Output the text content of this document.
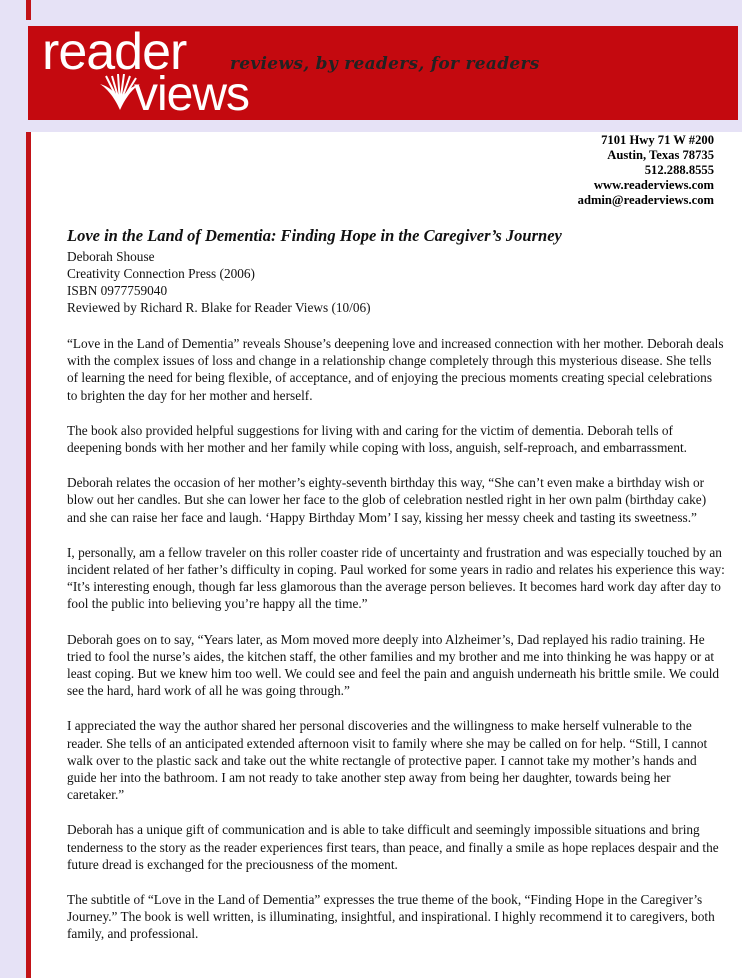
reader
views
reviews, by readers, for readers
7101 Hwy 71 W #200
Austin, Texas 78735
512.288.8555
www.readerviews.com
admin@readerviews.com
Love in the Land of Dementia: Finding Hope in the Caregiver’s Journey
Deborah Shouse
Creativity Connection Press (2006)
ISBN 0977759040
Reviewed by Richard R. Blake for Reader Views (10/06)

“Love in the Land of Dementia” reveals Shouse’s deepening love and increased connection with her mother. Deborah deals with the complex issues of loss and change in a relationship change completely through this mysterious disease. She tells of learning the need for being flexible, of acceptance, and of enjoying the precious moments creating special celebrations to brighten the day for her mother and herself.

The book also provided helpful suggestions for living with and caring for the victim of dementia. Deborah tells of deepening bonds with her mother and her family while coping with loss, anguish, self-reproach, and embarrassment.

Deborah relates the occasion of her mother’s eighty-seventh birthday this way, “She can’t even make a birthday wish or blow out her candles. But she can lower her face to the glob of celebration nestled right in her own palm (birthday cake) and she can raise her face and laugh. ‘Happy Birthday Mom’ I say, kissing her messy cheek and tasting its sweetness.”

I, personally, am a fellow traveler on this roller coaster ride of uncertainty and frustration and was especially touched by an incident related of her father’s difficulty in coping. Paul worked for some years in radio and relates his experience this way: “It’s interesting enough, though far less glamorous than the average person believes. It becomes hard work day after day to fool the public into believing you’re happy all the time.”

Deborah goes on to say, “Years later, as Mom moved more deeply into Alzheimer’s, Dad replayed his radio training. He tried to fool the nurse’s aides, the kitchen staff, the other families and my brother and me into thinking he was happy or at least coping. But we knew him too well. We could see and feel the pain and anguish underneath his brittle smile. We could see the hard, hard work of all he was going through.”

I appreciated the way the author shared her personal discoveries and the willingness to make herself vulnerable to the reader. She tells of an anticipated extended afternoon visit to family where she may be called on for help. “Still, I cannot walk over to the plastic sack and take out the white rectangle of protective paper. I cannot take my mother’s hands and guide her into the bathroom. I am not ready to take another step away from being her daughter, towards being her caretaker.”

Deborah has a unique gift of communication and is able to take difficult and seemingly impossible situations and bring tenderness to the story as the reader experiences first tears, than peace, and finally a smile as hope replaces despair and the future dread is exchanged for the preciousness of the moment.

The subtitle of “Love in the Land of Dementia” expresses the true theme of the book, “Finding Hope in the Caregiver’s Journey.” The book is well written, is illuminating, insightful, and inspirational. I highly recommend it to caregivers, both family, and professional.
